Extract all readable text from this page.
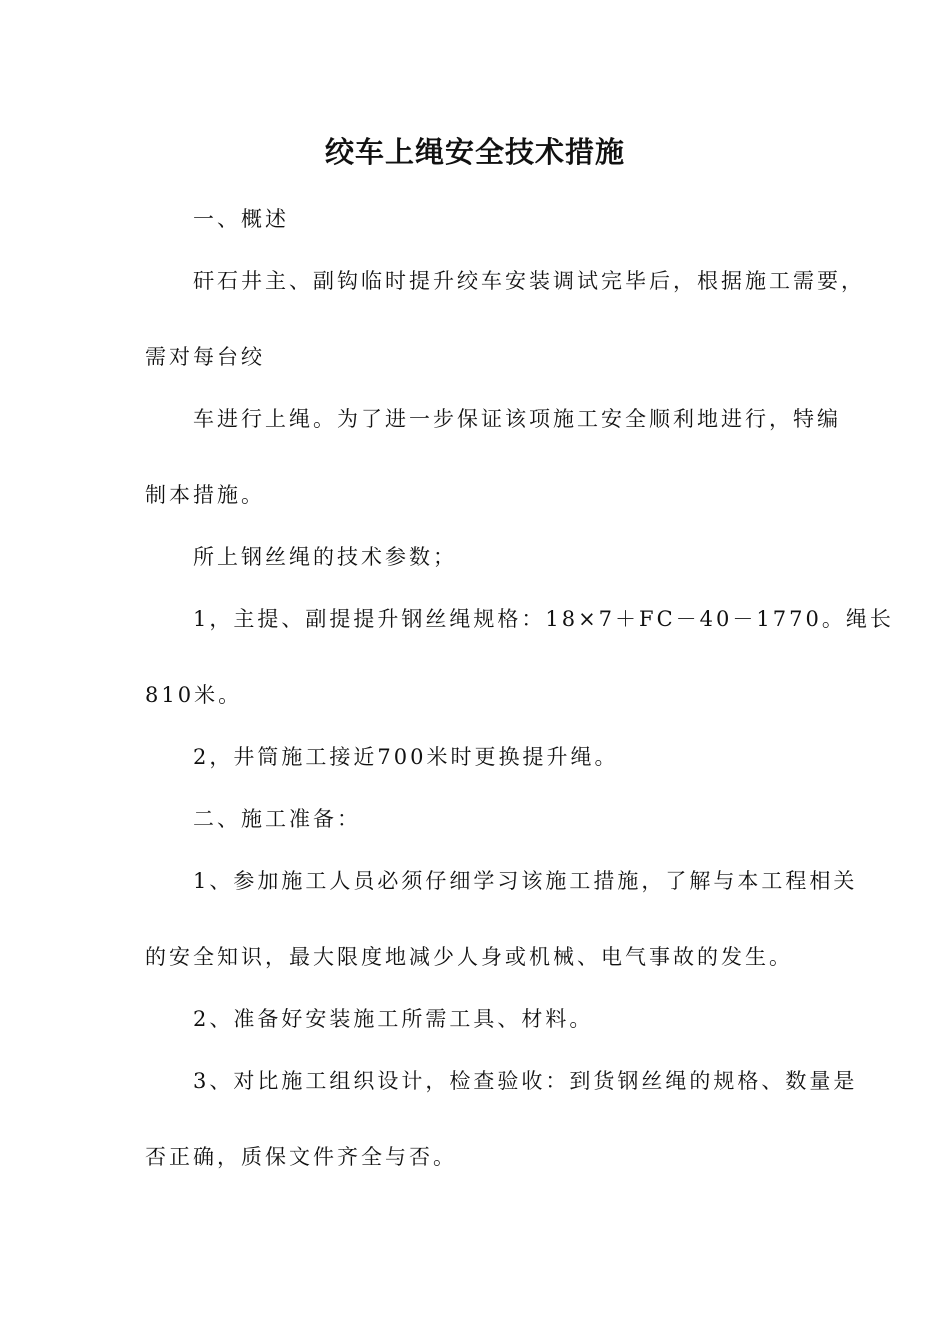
绞车上绳安全技术措施
一、概述
矸石井主、副钩临时提升绞车安装调试完毕后，根据施工需要，
需对每台绞
车进行上绳。为了进一步保证该项施工安全顺利地进行，特编
制本措施。
所上钢丝绳的技术参数；
1，主提、副提提升钢丝绳规格：18×7＋FC－40－1770。绳长
810米。
2，井筒施工接近700米时更换提升绳。
二、施工准备：
1、参加施工人员必须仔细学习该施工措施，了解与本工程相关
的安全知识，最大限度地减少人身或机械、电气事故的发生。
2、准备好安装施工所需工具、材料。
3、对比施工组织设计，检查验收：到货钢丝绳的规格、数量是
否正确，质保文件齐全与否。
